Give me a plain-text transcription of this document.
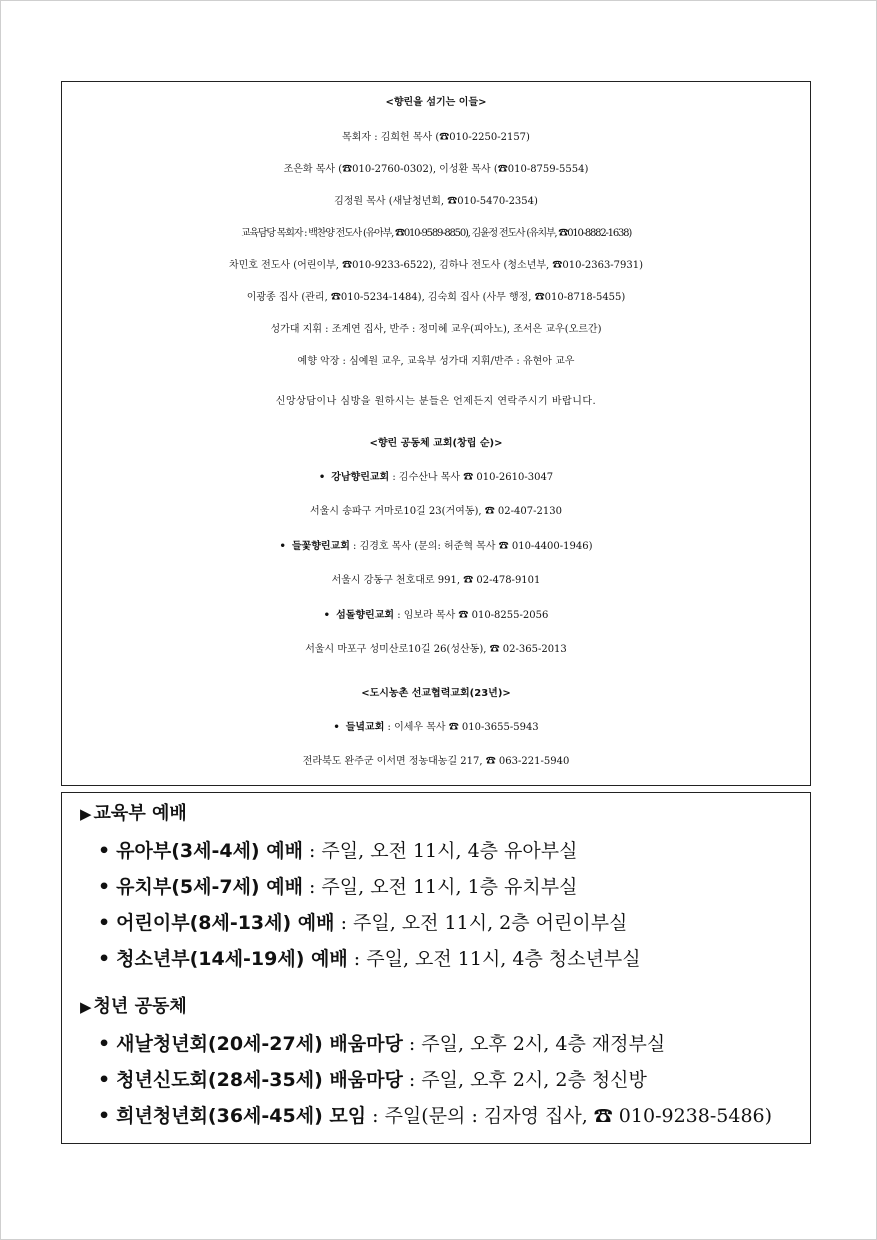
<향린을 섬기는 이들>
목회자 : 김희헌 목사 (☎010-2250-2157)
조은화 목사 (☎010-2760-0302), 이성환 목사 (☎010-8759-5554)
김정원 목사 (새날청년회, ☎010-5470-2354)
교육담당 목회자 : 백찬양 전도사 (유아부, ☎010-9589-8850), 김윤정 전도사 (유치부, ☎010-8882-1638)
차민호 전도사 (어린이부, ☎010-9233-6522), 김하나 전도사 (청소년부, ☎010-2363-7931)
이광종 집사 (관리, ☎010-5234-1484), 김숙희 집사 (사무 행정, ☎010-8718-5455)
성가대 지휘 : 조계연 집사, 반주 : 정미혜 교우(피아노), 조서은 교우(오르간)
예향 악장 : 심예원 교우, 교육부 성가대 지휘/반주 : 유현아 교우
신앙상담이나 심방을 원하시는 분들은 언제든지 연락주시기 바랍니다.
<향린 공동체 교회(창립 순)>
• 강남향린교회 : 김수산나 목사 ☎ 010-2610-3047
서울시 송파구 거마로10길 23(거여동), ☎ 02-407-2130
• 들꽃향린교회 : 김경호 목사 (문의: 허준혁 목사 ☎ 010-4400-1946)
서울시 강동구 천호대로 991, ☎ 02-478-9101
• 섬돌향린교회 : 임보라 목사 ☎ 010-8255-2056
서울시 마포구 성미산로10길 26(성산동), ☎ 02-365-2013
<도시농촌 선교협력교회(23년)>
• 들녘교회 : 이세우 목사 ☎ 010-3655-5943
전라북도 완주군 이서면 정농대농길 217, ☎ 063-221-5940
▶ 교육부 예배
• 유아부(3세-4세) 예배 : 주일, 오전 11시, 4층 유아부실
• 유치부(5세-7세) 예배 : 주일, 오전 11시, 1층 유치부실
• 어린이부(8세-13세) 예배 : 주일, 오전 11시, 2층 어린이부실
• 청소년부(14세-19세) 예배 : 주일, 오전 11시, 4층 청소년부실
▶ 청년 공동체
• 새날청년회(20세-27세) 배움마당 : 주일, 오후 2시, 4층 재정부실
• 청년신도회(28세-35세) 배움마당 : 주일, 오후 2시, 2층 청신방
• 희년청년회(36세-45세) 모임 : 주일(문의 : 김자영 집사, ☎ 010-9238-5486)
